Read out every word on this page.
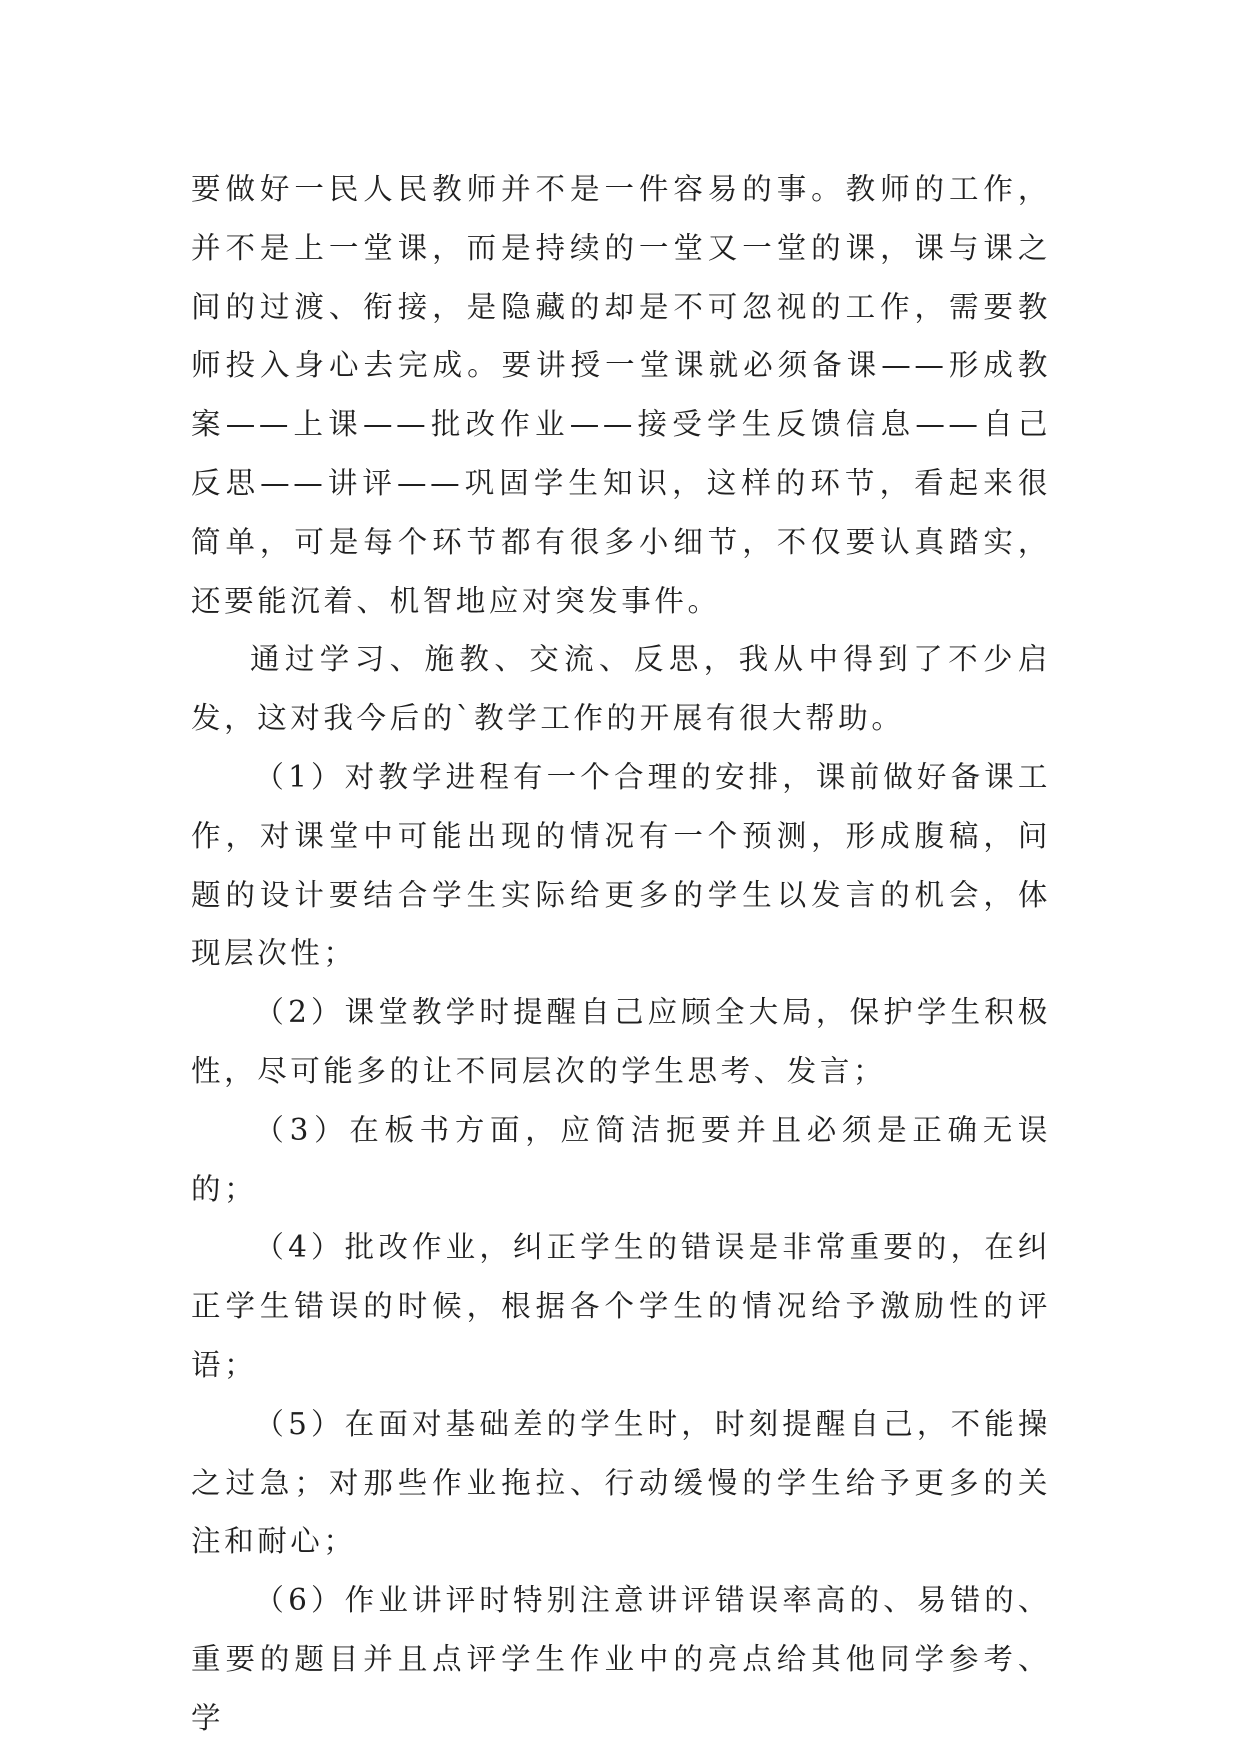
要做好一民人民教师并不是一件容易的事。教师的工作，并不是上一堂课，而是持续的一堂又一堂的课，课与课之间的过渡、衔接，是隐藏的却是不可忽视的工作，需要教师投入身心去完成。要讲授一堂课就必须备课——形成教案——上课——批改作业——接受学生反馈信息——自己反思——讲评——巩固学生知识，这样的环节，看起来很简单，可是每个环节都有很多小细节，不仅要认真踏实，还要能沉着、机智地应对突发事件。

通过学习、施教、交流、反思，我从中得到了不少启发，这对我今后的`教学工作的开展有很大帮助。

（1）对教学进程有一个合理的安排，课前做好备课工作，对课堂中可能出现的情况有一个预测，形成腹稿，问题的设计要结合学生实际给更多的学生以发言的机会，体现层次性；

（2）课堂教学时提醒自己应顾全大局，保护学生积极性，尽可能多的让不同层次的学生思考、发言；

（3）在板书方面，应简洁扼要并且必须是正确无误的；

（4）批改作业，纠正学生的错误是非常重要的，在纠正学生错误的时候，根据各个学生的情况给予激励性的评语；

（5）在面对基础差的学生时，时刻提醒自己，不能操之过急；对那些作业拖拉、行动缓慢的学生给予更多的关注和耐心；

（6）作业讲评时特别注意讲评错误率高的、易错的、重要的题目并且点评学生作业中的亮点给其他同学参考、学
